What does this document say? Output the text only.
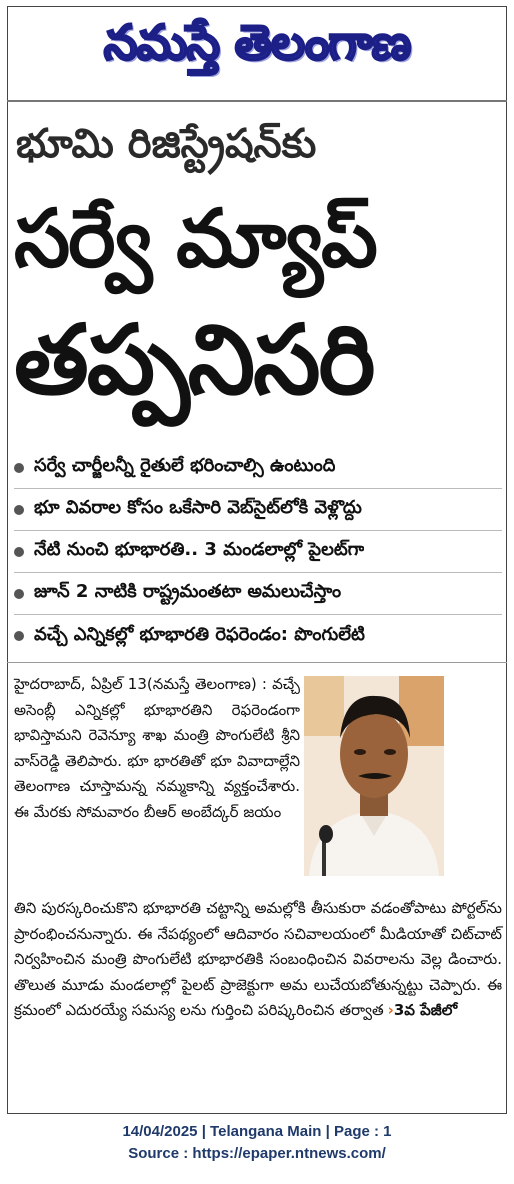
నమస్తే తెలంగాణ
భూమి రిజిస్ట్రేషన్‌కు
సర్వే మ్యాప్
తప్పనిసరి
సర్వే చార్జీలన్నీ రైతులే భరించాల్సి ఉంటుంది
భూ వివరాల కోసం ఒకేసారి వెబ్‌సైట్‌లోకి వెళ్లొద్దు
నేటి నుంచి భూభారతి.. 3 మండలాల్లో పైలట్‌గా
జూన్ 2 నాటికి రాష్ట్రమంతటా అమలుచేస్తాం
వచ్చే ఎన్నికల్లో భూభారతి రెఫరెండం: పొంగులేటి
హైదరాబాద్, ఏప్రిల్ 13(నమస్తే తెలంగాణ) : వచ్చే అసెంబ్లీ ఎన్నికల్లో భూభారతిని రెఫరెండంగా భావిస్తామని రెవెన్యూ శాఖ మంత్రి పొంగులేటి శ్రీని వాస్‌రెడ్డి తెలిపారు. భూ భారతితో భూ వివాదాల్లేని తెలంగాణ చూస్తామన్న నమ్మకాన్ని వ్యక్తంచేశారు. ఈ మేరకు సోమవారం బీఆర్ అంబేద్కర్ జయం
తిని పురస్కరించుకొని భూభారతి చట్టాన్ని అమల్లోకి తీసుకురా వడంతోపాటు పోర్టల్‌ను ప్రారంభించనున్నారు. ఈ నేపథ్యంలో ఆదివారం సచివాలయంలో మీడియాతో చిట్‌చాట్ నిర్వహించిన మంత్రి పొంగులేటి భూభారతికి సంబంధించిన వివరాలను వెల్ల డించారు. తొలుత మూడు మండలాల్లో పైలట్ ప్రాజెక్టుగా అమ లుచేయబోతున్నట్టు చెప్పారు. ఈ క్రమంలో ఎదురయ్యే సమస్య లను గుర్తించి పరిష్కరించిన తర్వాత ›3వ పేజీలో
14/04/2025 | Telangana Main | Page : 1
Source : https://epaper.ntnews.com/
